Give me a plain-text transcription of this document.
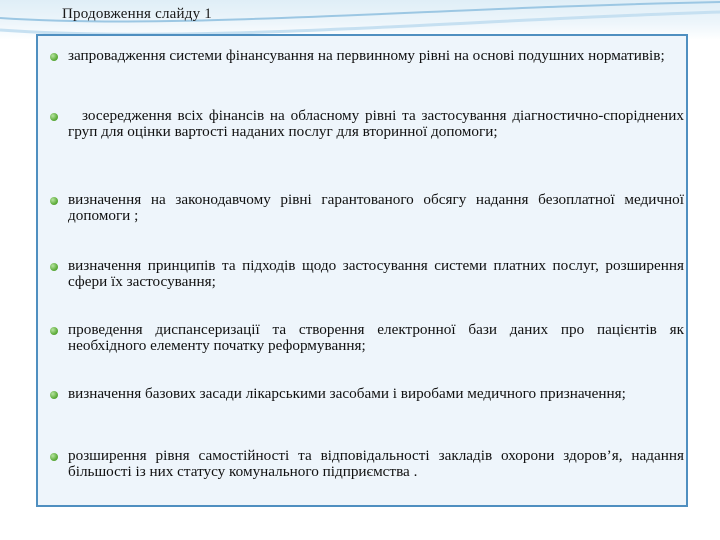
Продовження слайду 1
запровадження системи фінансування на первинному рівні на основі подушних нормативів;
зосередження всіх фінансів на обласному рівні та застосування діагностично-споріднених груп для оцінки вартості наданих послуг для вторинної допомоги;
визначення на законодавчому рівні гарантованого обсягу надання безоплатної медичної допомоги ;
визначення принципів та підходів щодо застосування системи платних послуг, розширення сфери їх застосування;
проведення диспансеризації та створення електронної бази даних про пацієнтів як необхідного елементу початку реформування;
визначення базових засади лікарськими засобами і виробами медичного призначення;
розширення рівня самостійності та відповідальності закладів охорони здоров’я, надання більшості із них статусу комунального підприємства .
